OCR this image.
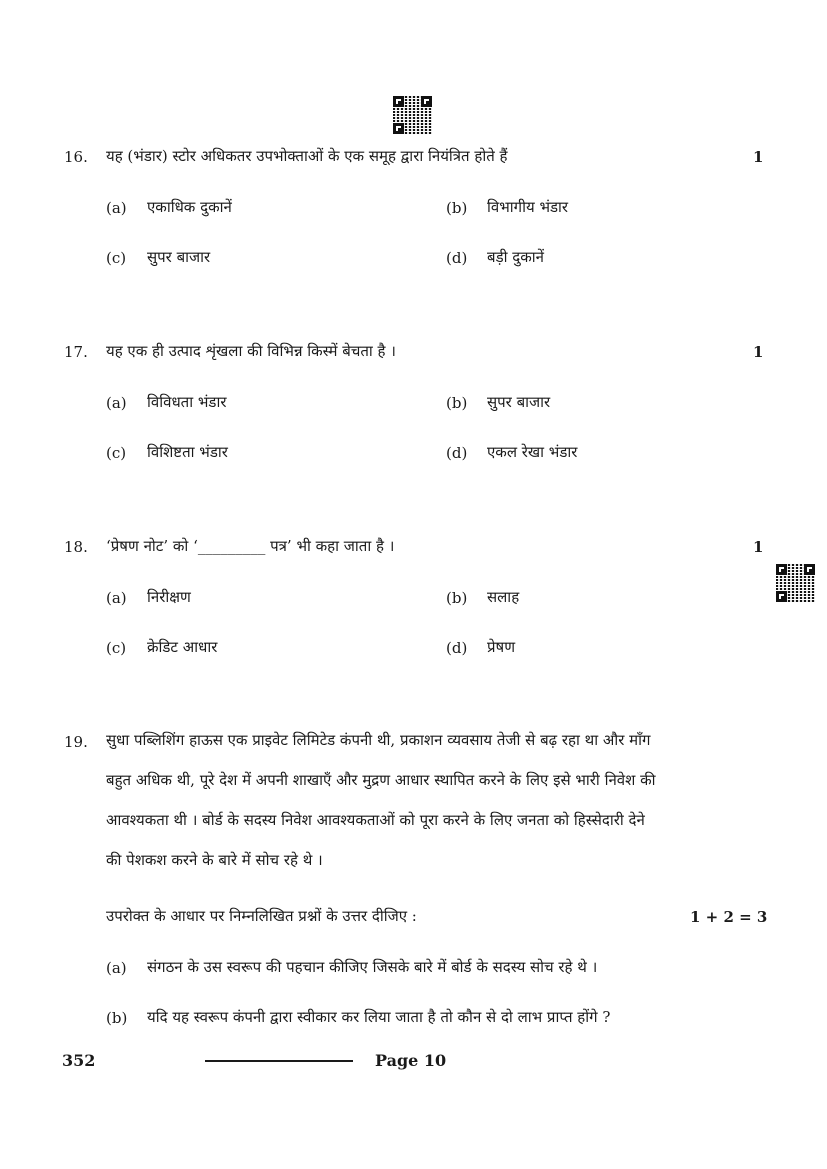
16. यह (भंडार) स्टोर अधिकतर उपभोक्ताओं के एक समूह द्वारा नियंत्रित होते हैं	1
(a) एकाधिक दुकानें	(b) विभागीय भंडार
(c) सुपर बाजार	(d) बड़ी दुकानें
17. यह एक ही उत्पाद शृंखला की विभिन्न किस्में बेचता है ।	1
(a) विविधता भंडार	(b) सुपर बाजार
(c) विशिष्टता भंडार	(d) एकल रेखा भंडार
18. ‘प्रेषण नोट’ को ‘_________ पत्र’ भी कहा जाता है ।	1
(a) निरीक्षण	(b) सलाह
(c) क्रेडिट आधार	(d) प्रेषण
19. सुधा पब्लिशिंग हाऊस एक प्राइवेट लिमिटेड कंपनी थी, प्रकाशन व्यवसाय तेजी से बढ़ रहा था और माँग
बहुत अधिक थी, पूरे देश में अपनी शाखाएँ और मुद्रण आधार स्थापित करने के लिए इसे भारी निवेश की
आवश्यकता थी । बोर्ड के सदस्य निवेश आवश्यकताओं को पूरा करने के लिए जनता को हिस्सेदारी देने
की पेशकश करने के बारे में सोच रहे थे ।
उपरोक्त के आधार पर निम्नलिखित प्रश्नों के उत्तर दीजिए :	1 + 2 = 3
(a) संगठन के उस स्वरूप की पहचान कीजिए जिसके बारे में बोर्ड के सदस्य सोच रहे थे ।
(b) यदि यह स्वरूप कंपनी द्वारा स्वीकार कर लिया जाता है तो कौन से दो लाभ प्राप्त होंगे ?
352	Page 10
